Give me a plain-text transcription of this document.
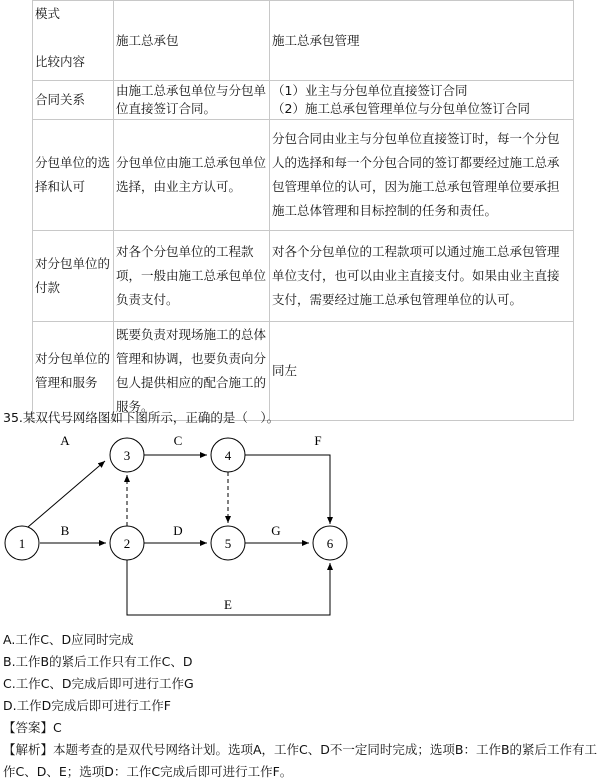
模式
比较内容	施工总承包	施工总承包管理
合同关系	由施工总承包单位与分包单位直接签订合同。	（1）业主与分包单位直接签订合同
（2）施工总承包管理单位与分包单位签订合同

分包单位的选择和认可	分包单位由施工总承包单位选择，由业主方认可。	分包合同由业主与分包单位直接签订时，每一个分包人的选择和每一个分包合同的签订都要经过施工总承包管理单位的认可，因为施工总承包管理单位要承担施工总体管理和目标控制的任务和责任。
对分包单位的付款	对各个分包单位的工程款项，一般由施工总承包单位负责支付。	对各个分包单位的工程款项可以通过施工总承包管理单位支付，也可以由业主直接支付。如果由业主直接支付，需要经过施工总承包管理单位的认可。
对分包单位的管理和服务	既要负责对现场施工的总体管理和协调，也要负责向分包人提供相应的配合施工的服务。	同左
35.某双代号网络图如下图所示，正确的是（　）。
1	2
3	4
5	6
A	C	F
B	D	G
E
A.工作C、D应同时完成
B.工作B的紧后工作只有工作C、D
C.工作C、D完成后即可进行工作G
D.工作D完成后即可进行工作F
【答案】C
【解析】本题考查的是双代号网络计划。选项A，工作C、D不一定同时完成；选项B：工作B的紧后工作有工作C、D、E；选项D：工作C完成后即可进行工作F。
